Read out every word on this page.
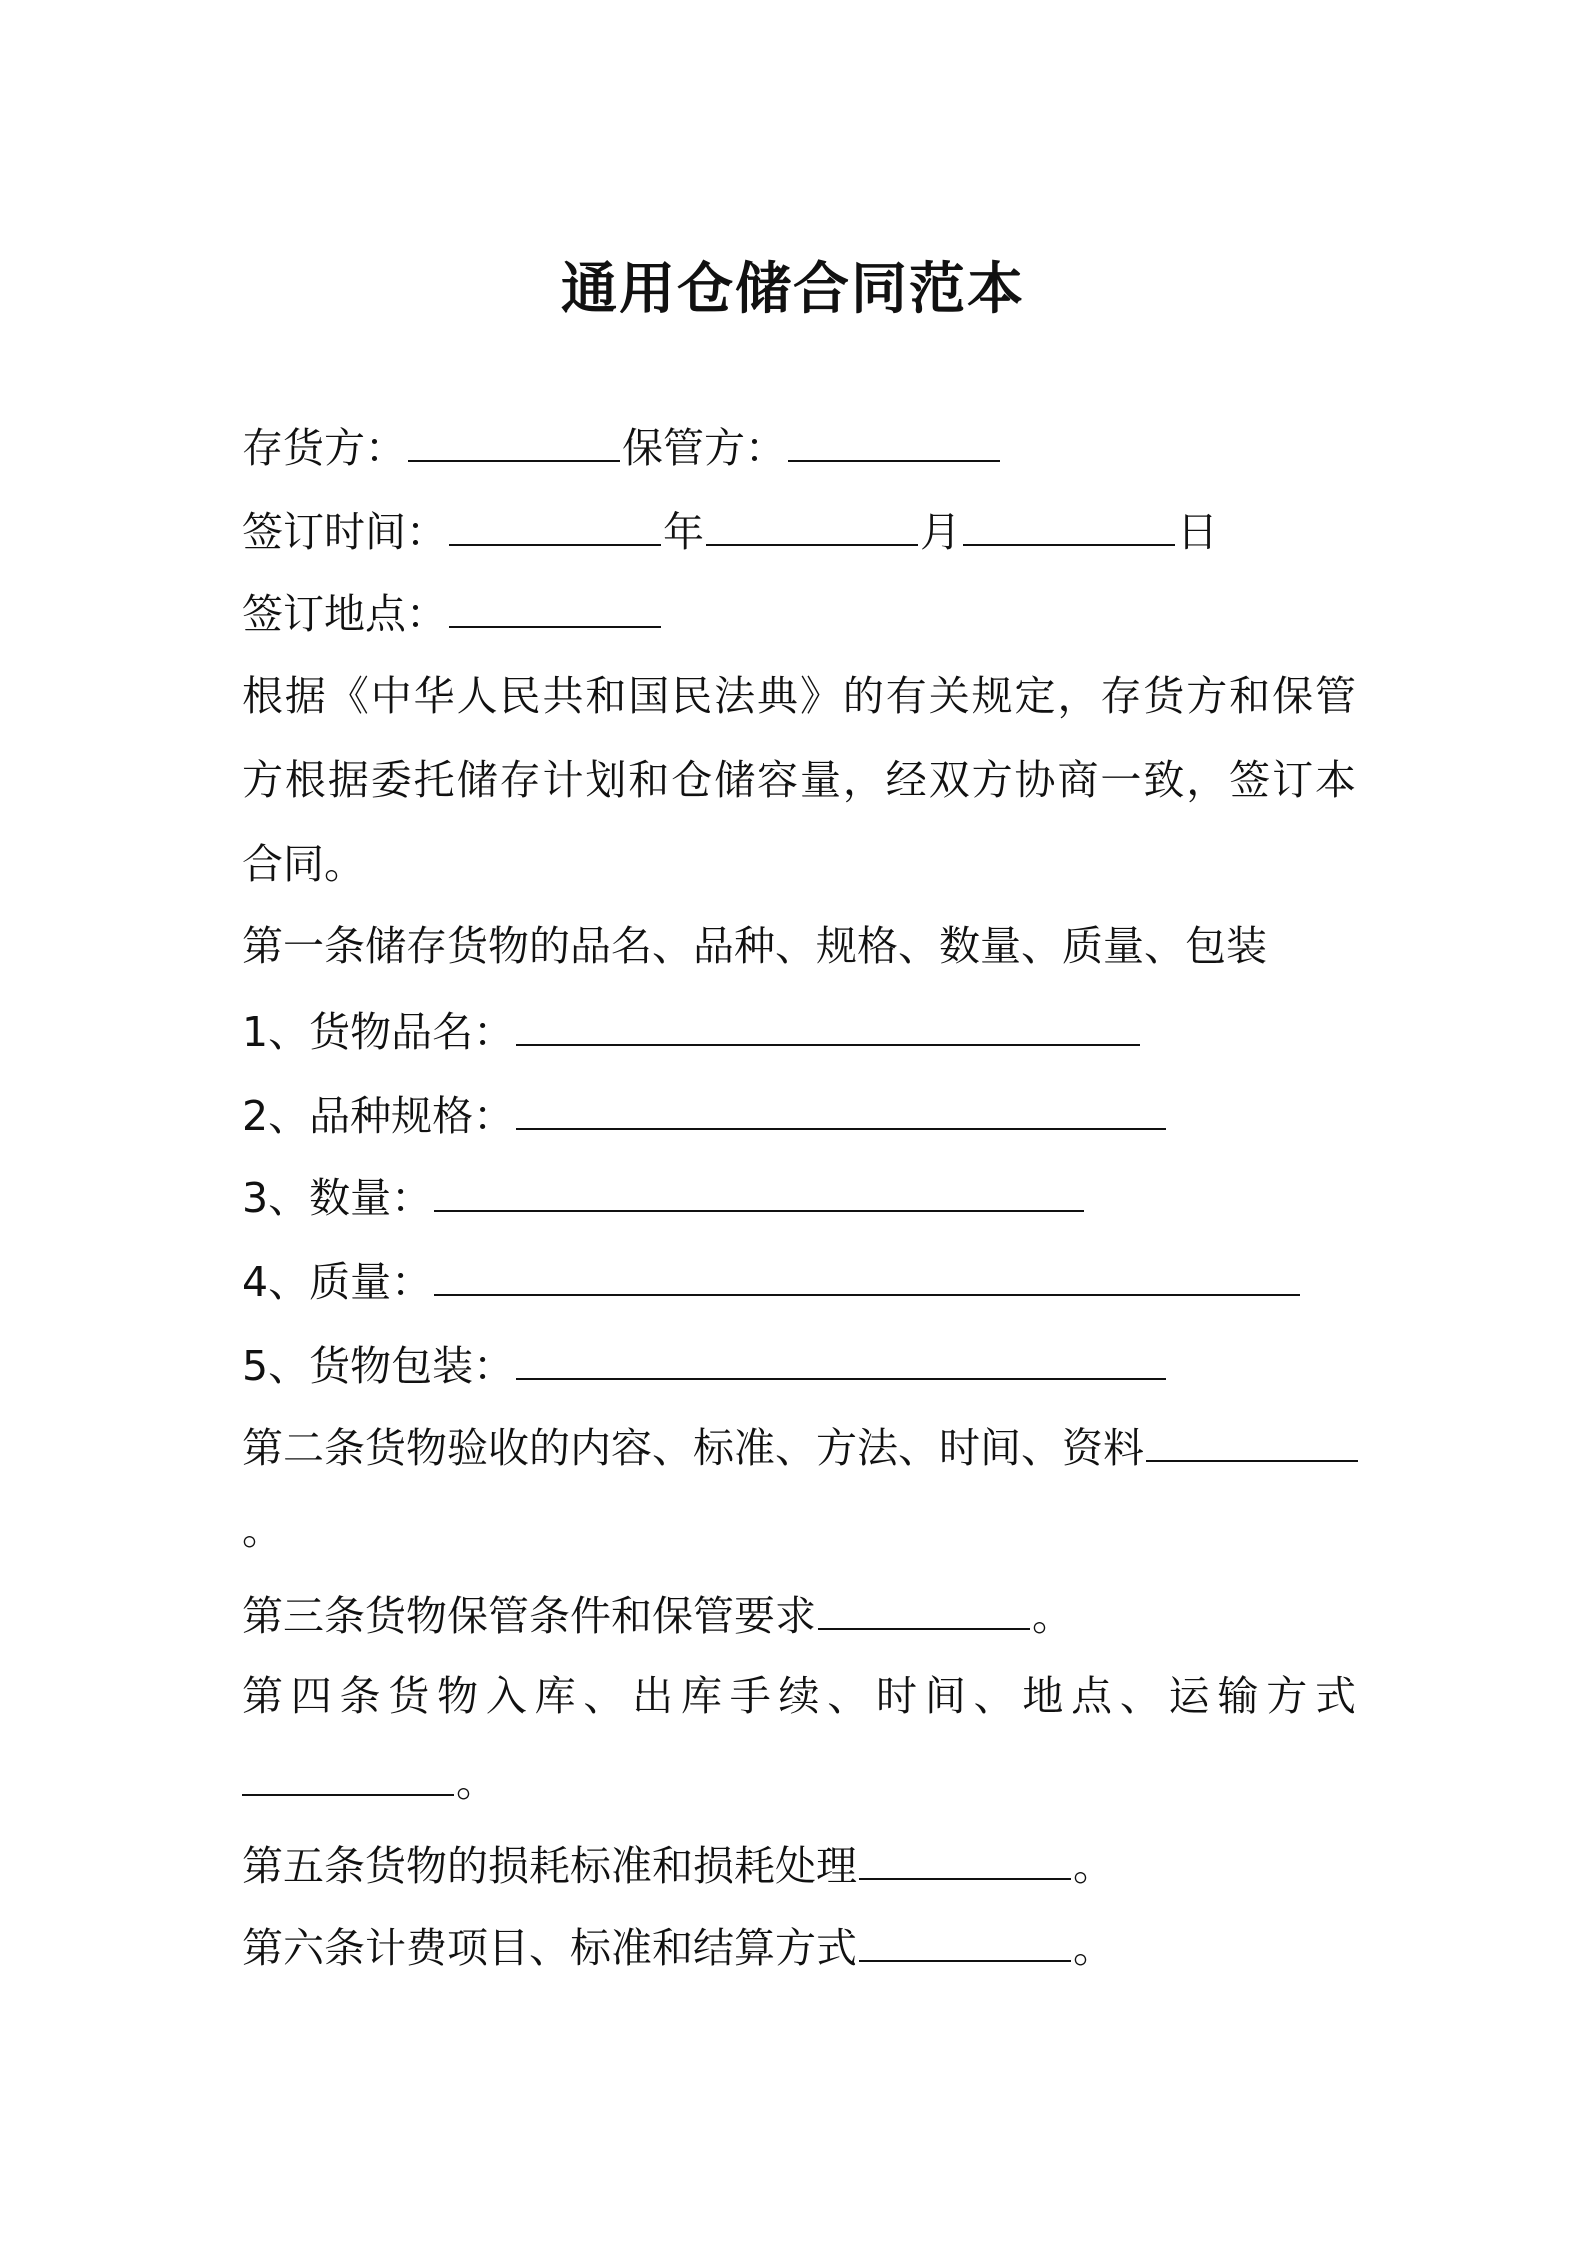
通用仓储合同范本
存货方：	保管方：
签订时间：	年	月	日
签订地点：
根据《中华人民共和国民法典》的有关规定，存货方和保管
方根据委托储存计划和仓储容量，经双方协商一致，签订本
合同。
第一条储存货物的品名、品种、规格、数量、质量、包装
1、货物品名：
2、品种规格：
3、数量：
4、质量：
5、货物包装：
第二条货物验收的内容、标准、方法、时间、资料
。
第三条货物保管条件和保管要求	。
第四条货物入库、出库手续、时间、地点、运输方式
。
第五条货物的损耗标准和损耗处理	。
第六条计费项目、标准和结算方式	。
